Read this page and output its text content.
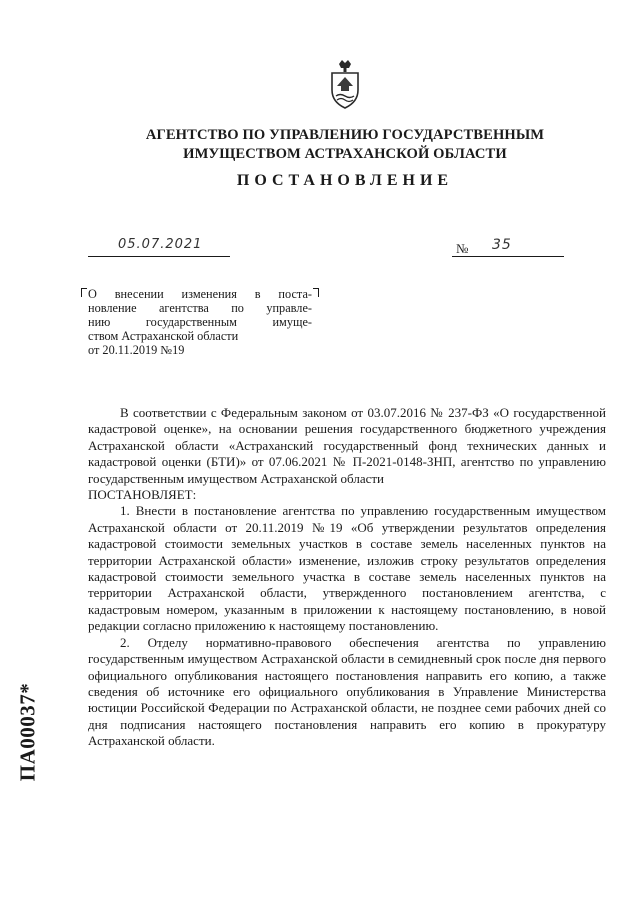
АГЕНТСТВО ПО УПРАВЛЕНИЮ ГОСУДАРСТВЕННЫМ
ИМУЩЕСТВОМ АСТРАХАНСКОЙ ОБЛАСТИ
ПОСТАНОВЛЕНИЕ
05.07.2021	№ 35
О внесении изменения в поста-
новление агентства по управле-
нию государственным имуще-
ством Астраханской области
от 20.11.2019 №19

В соответствии с Федеральным законом от 03.07.2016 № 237-ФЗ «О государственной кадастровой оценке», на основании решения государственного бюджетного учреждения Астраханской области «Астраханский государственный фонд технических данных и кадастровой оценки (БТИ)» от 07.06.2021 № П-2021-0148-ЗНП, агентство по управлению государственным имуществом Астраханской области

ПОСТАНОВЛЯЕТ:

1. Внести в постановление агентства по управлению государственным имуществом Астраханской области от 20.11.2019 №19 «Об утверждении результатов определения кадастровой стоимости земельных участков в составе земель населенных пунктов на территории Астраханской области» изменение, изложив строку результатов определения кадастровой стоимости земельного участка в составе земель населенных пунктов на территории Астраханской области, утвержденного постановлением агентства, с кадастровым номером, указанным в приложении к настоящему постановлению, в новой редакции согласно приложению к настоящему постановлению.

2. Отделу нормативно-правового обеспечения агентства по управлению государственным имуществом Астраханской области в семидневный срок после дня первого официального опубликования настоящего постановления направить его копию, а также сведения об источнике его официального опубликования в Управление Министерства юстиции Российской Федерации по Астраханской области, не позднее семи рабочих дней со дня подписания настоящего постановления направить его копию в прокуратуру Астраханской области.

ПА00037*
